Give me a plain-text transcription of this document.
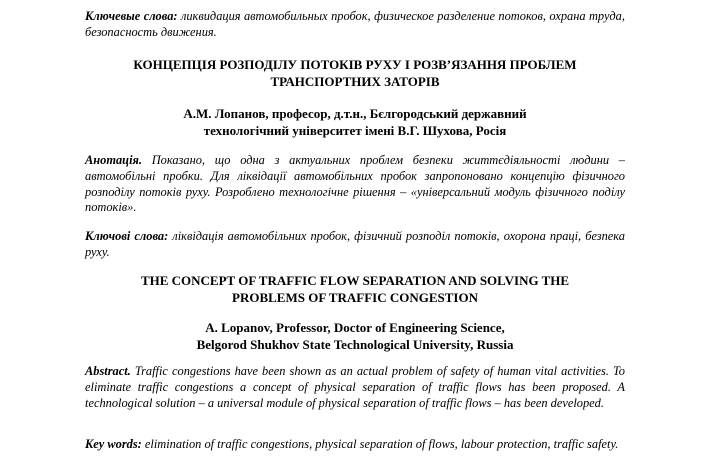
Ключевые слова: ликвидация автомобильных пробок, физическое разделение потоков, охрана труда, безопасность движения.
КОНЦЕПЦІЯ РОЗПОДІЛУ ПОТОКІВ РУХУ І РОЗВ’ЯЗАННЯ ПРОБЛЕМ
ТРАНСПОРТНИХ ЗАТОРІВ
А.М. Лопанов, професор, д.т.н., Бєлгородський державний
технологічний університет імені В.Г. Шухова, Росія
Анотація. Показано, що одна з актуальних проблем безпеки життєдіяльності людини – автомобільні пробки. Для ліквідації автомобільних пробок запропоновано концепцію фізичного розподілу потоків руху. Розроблено технологічне рішення – «універсальний модуль фізичного поділу потоків».
Ключові слова: ліквідація автомобільних пробок, фізичний розподіл потоків, охорона праці, безпека руху.
THE CONCEPT OF TRAFFIC FLOW SEPARATION AND SOLVING THE
PROBLEMS OF TRAFFIC CONGESTION
A. Lopanov, Professor, Doctor of Engineering Science,
Belgorod Shukhov State Technological University, Russia
Abstract. Traffic congestions have been shown as an actual problem of safety of human vital activities. To eliminate traffic congestions a concept of physical separation of traffic flows has been proposed. A technological solution – a universal module of physical separation of traffic flows – has been developed.
Key words: elimination of traffic congestions, physical separation of flows, labour protection, traffic safety.
